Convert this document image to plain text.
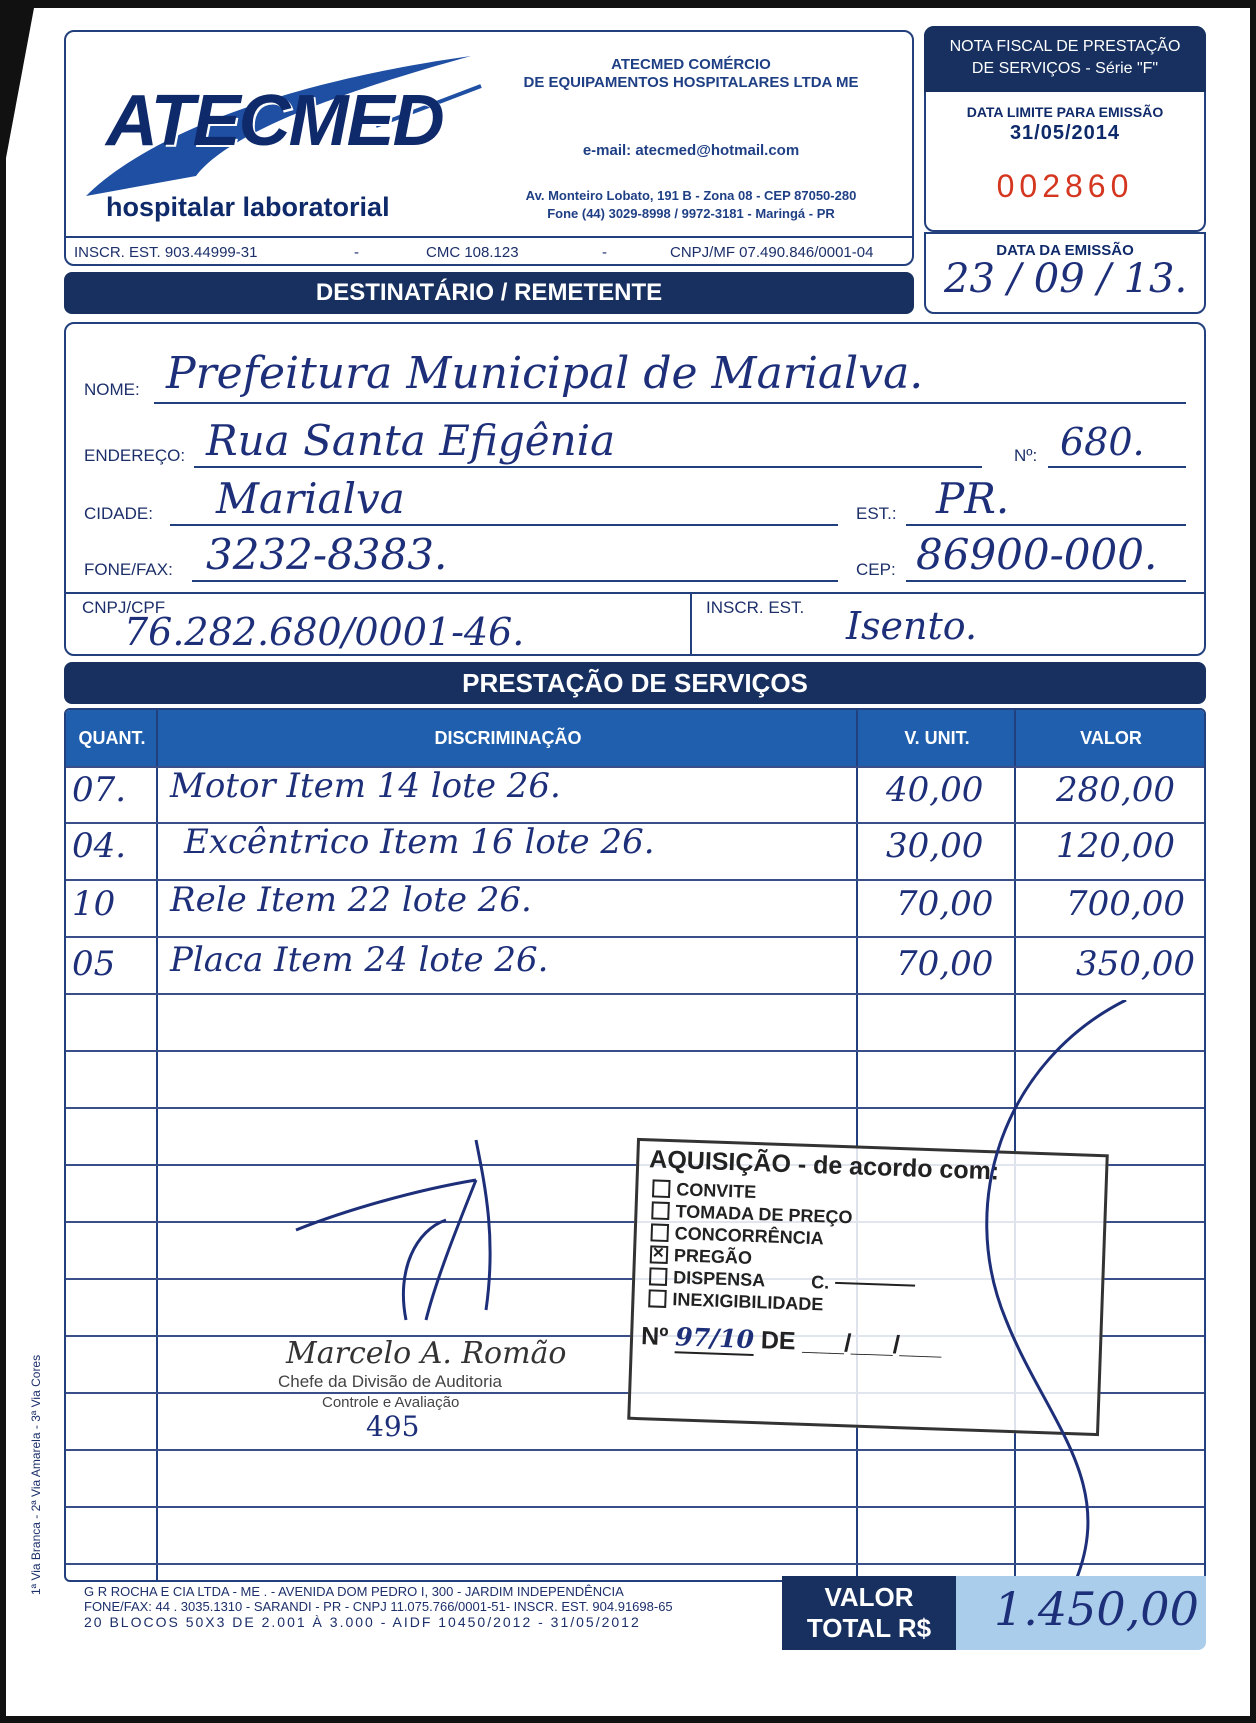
ATECMED
hospitalar laboratorial
ATECMED COMÉRCIO
DE EQUIPAMENTOS HOSPITALARES LTDA ME
e-mail: atecmed@hotmail.com
Av. Monteiro Lobato, 191 B - Zona 08 - CEP 87050-280
Fone (44) 3029-8998 / 9972-3181 - Maringá - PR
INSCR. EST. 903.44999-31	-	CMC 108.123	-	CNPJ/MF 07.490.846/0001-04
NOTA FISCAL DE PRESTAÇÃO
DE SERVIÇOS - Série "F"
DATA LIMITE PARA EMISSÃO
31/05/2014
002860
DATA DA EMISSÃO
23 / 09 / 13.
DESTINATÁRIO / REMETENTE
NOME: Prefeitura Municipal de Marialva.
ENDEREÇO: Rua Santa Efigênia	Nº: 680.
CIDADE: Marialva	EST.: PR.
FONE/FAX: 3232-8383.	CEP: 86900-000.
CNPJ/CPF
76.282.680/0001-46.
INSCR. EST. Isento.
PRESTAÇÃO DE SERVIÇOS
QUANT.	DISCRIMINAÇÃO	V. UNIT.	VALOR
07. Motor Item 14 lote 26.	40,00 280,00
04. Excêntrico Item 16 lote 26.	30,00 120,00
10 Rele Item 22 lote 26.	70,00 700,00
05 Placa Item 24 lote 26.	70,00 350,00
AQUISIÇÃO - de acordo com:
CONVITE
TOMADA DE PREÇO
CONCORRÊNCIA
✕
PREGÃO
DISPENSA	C.
INEXIGIBILIDADE
Nº 97/10 DE ___/___/___
Marcelo A. Romão
Chefe da Divisão de Auditoria
Controle e Avaliação
495
G R ROCHA E CIA LTDA - ME . - AVENIDA DOM PEDRO I, 300 - JARDIM INDEPENDÊNCIA
FONE/FAX: 44 . 3035.1310 - SARANDI - PR - CNPJ 11.075.766/0001-51- INSCR. EST. 904.91698-65
20 BLOCOS 50X3 DE 2.001 À 3.000 - AIDF 10450/2012 - 31/05/2012
VALOR
TOTAL R$	1.450,00
1ª Via Branca - 2ª Via Amarela - 3ª Via Cores
